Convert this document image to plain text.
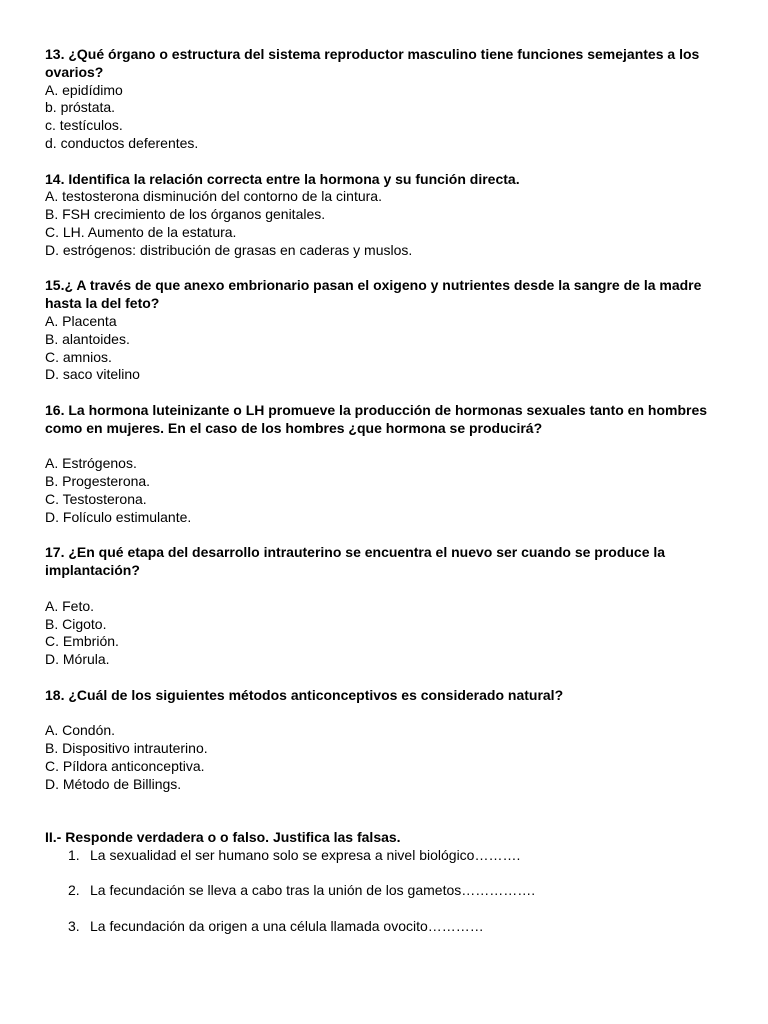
13. ¿Qué órgano o estructura del sistema reproductor masculino tiene funciones semejantes a los ovarios?

A. epidídimo

b. próstata.

c. testículos.

d. conductos deferentes.

14. Identifica la relación correcta entre la hormona y su función directa.

A. testosterona disminución del contorno de la cintura.

B. FSH crecimiento de los órganos genitales.

C. LH. Aumento de la estatura.

D. estrógenos: distribución de grasas en caderas y muslos.

15.¿ A través de que anexo embrionario pasan el oxigeno y nutrientes desde la sangre de la madre hasta la del feto?

A. Placenta

B. alantoides.

C. amnios.

D. saco vitelino

16. La hormona luteinizante o LH promueve la producción de hormonas sexuales tanto en hombres como en mujeres. En el caso de los hombres ¿que hormona se producirá?

A. Estrógenos.

B. Progesterona.

C. Testosterona.

D. Folículo estimulante.

17. ¿En qué etapa del desarrollo intrauterino se encuentra el nuevo ser cuando se produce la implantación?

A. Feto.

B. Cigoto.

C. Embrión.

D. Mórula.

18. ¿Cuál de los siguientes métodos anticonceptivos es considerado natural?

A. Condón.

B. Dispositivo intrauterino.

C. Píldora anticonceptiva.

D. Método de Billings.

II.- Responde verdadera o o falso. Justifica las falsas.

1. La sexualidad el ser humano solo se expresa a nivel biológico……….
2. La fecundación se lleva a cabo tras la unión de los gametos…………….
3. La fecundación da origen a una célula llamada ovocito…………
